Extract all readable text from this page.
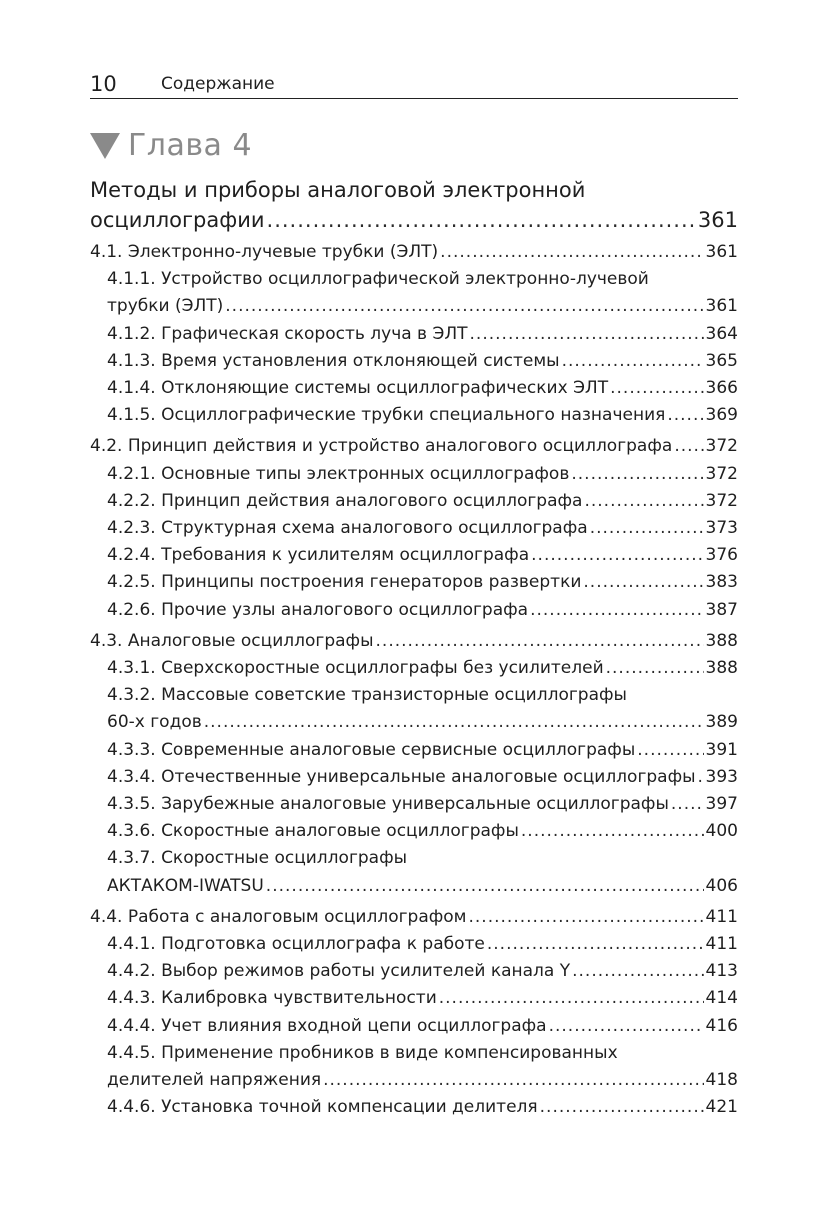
10	Содержание
Глава 4
Методы и приборы аналоговой электронной
осциллографии .....	361
4.1. Электронно-лучевые трубки (ЭЛТ) .....	361
4.1.1. Устройство осциллографической электронно-лучевой
трубки (ЭЛТ) .....	361
4.1.2. Графическая скорость луча в ЭЛТ .....	364
4.1.3. Время установления отклоняющей системы .....	365
4.1.4. Отклоняющие системы осциллографических ЭЛТ .....	366
4.1.5. Осциллографические трубки специального назначения ..... 369
4.2. Принцип действия и устройство аналогового осциллографа ..... 372
4.2.1. Основные типы электронных осциллографов .....	372
4.2.2. Принцип действия аналогового осциллографа .....	372
4.2.3. Структурная схема аналогового осциллографа .....	373
4.2.4. Требования к усилителям осциллографа .....	376
4.2.5. Принципы построения генераторов развертки .....	383
4.2.6. Прочие узлы аналогового осциллографа .....	387
4.3. Аналоговые осциллографы .....	388
4.3.1. Сверхскоростные осциллографы без усилителей .....	388
4.3.2. Массовые советские транзисторные осциллографы
60-х годов .....	389
4.3.3. Современные аналоговые сервисные осциллографы .....	391
4.3.4. Отечественные универсальные аналоговые осциллографы ..... 393
4.3.5. Зарубежные аналоговые универсальные осциллографы ..... 397
4.3.6. Скоростные аналоговые осциллографы .....	400
4.3.7. Скоростные осциллографы
АКТАКОМ-IWATSU .....	406
4.4. Работа с аналоговым осциллографом .....	411
4.4.1. Подготовка осциллографа к работе .....	411
4.4.2. Выбор режимов работы усилителей канала Y .....	413
4.4.3. Калибровка чувствительности .....	414
4.4.4. Учет влияния входной цепи осциллографа .....	416
4.4.5. Применение пробников в виде компенсированных
делителей напряжения .....	418
4.4.6. Установка точной компенсации делителя .....	421
